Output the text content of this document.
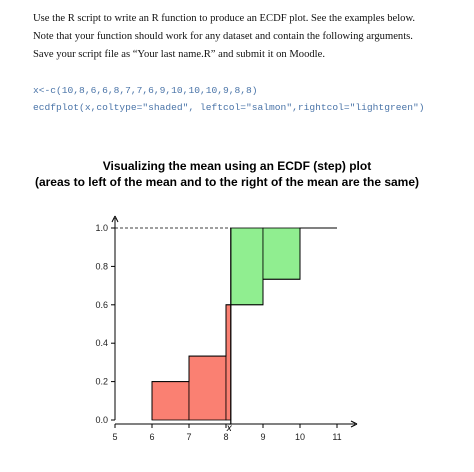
Use the R script to write an R function to produce an ECDF plot. See the examples below.

Note that your function should work for any dataset and contain the following arguments.

Save your script file as “Your last name.R” and submit it on Moodle.

x<-c(10,8,6,6,8,7,7,6,9,10,10,10,9,8,8)
ecdfplot(x,coltype="shaded", leftcol="salmon",rightcol="lightgreen")
Visualizing the mean using an ECDF (step) plot
(areas to left of the mean and to the right of the mean are the same)
x̄
0.0
0.2
0.4
0.6
0.8
1.0
5	6	7	8	9	10	11
